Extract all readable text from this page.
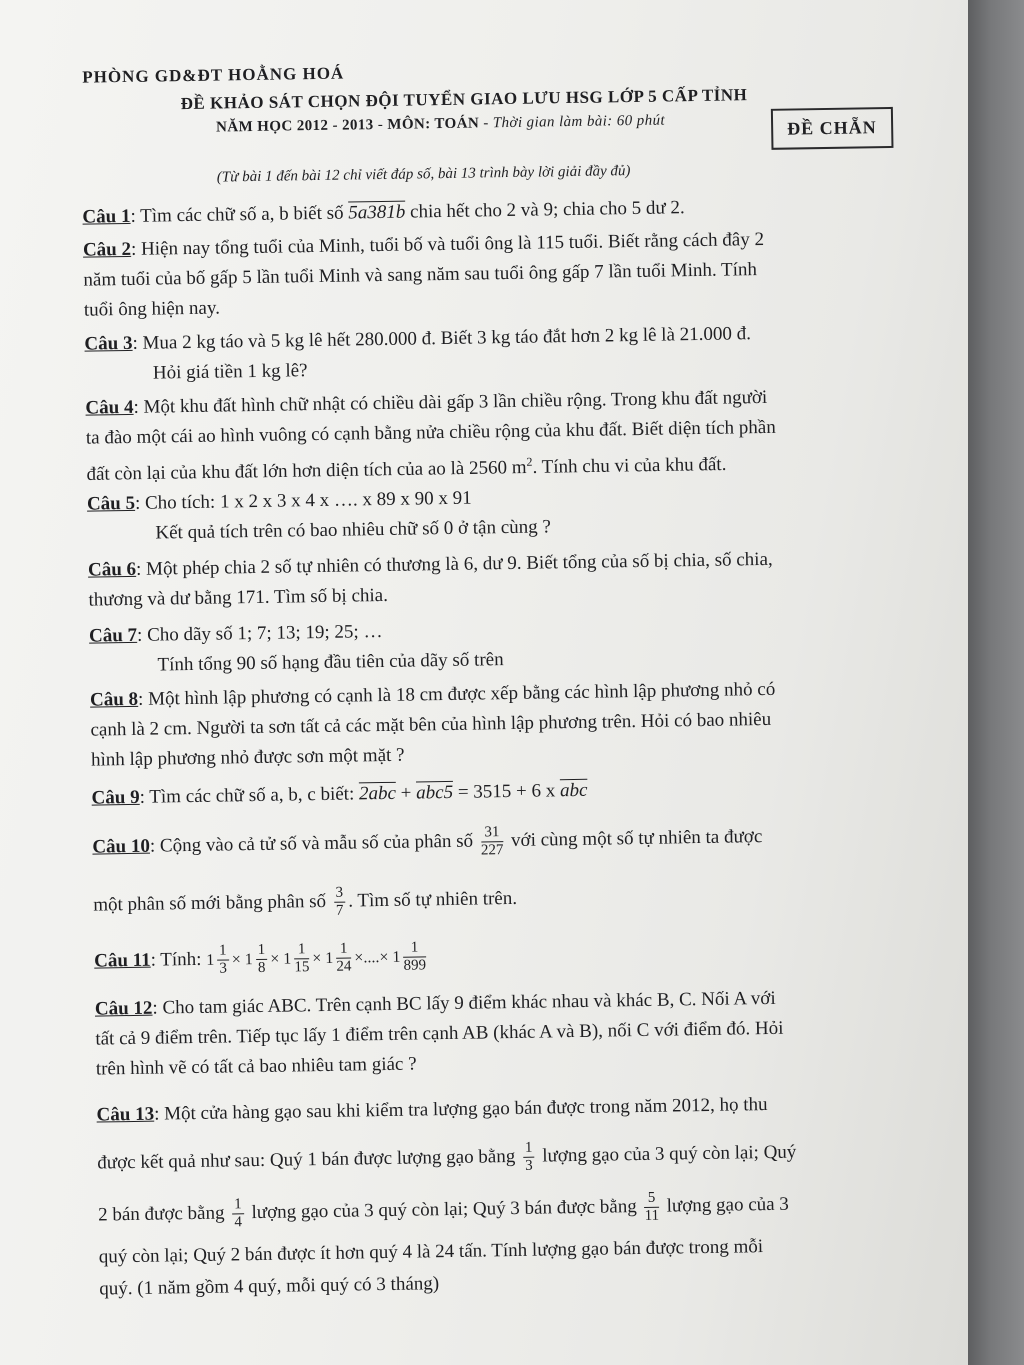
PHÒNG GD&ĐT HOẰNG HOÁ
ĐỀ KHẢO SÁT CHỌN ĐỘI TUYỂN GIAO LƯU HSG LỚP 5 CẤP TỈNH
NĂM HỌC 2012 - 2013 - MÔN: TOÁN - Thời gian làm bài: 60 phút	ĐỀ CHẴN
(Từ bài 1 đến bài 12 chỉ viết đáp số, bài 13 trình bày lời giải đầy đủ)
Câu 1: Tìm các chữ số a, b biết số 5a381b chia hết cho 2 và 9; chia cho 5 dư 2.
Câu 2: Hiện nay tổng tuổi của Minh, tuổi bố và tuổi ông là 115 tuổi. Biết rằng cách đây 2
năm tuổi của bố gấp 5 lần tuổi Minh và sang năm sau tuổi ông gấp 7 lần tuổi Minh. Tính
tuổi ông hiện nay.
Câu 3: Mua 2 kg táo và 5 kg lê hết 280.000 đ. Biết 3 kg táo đắt hơn 2 kg lê là 21.000 đ.
Hỏi giá tiền 1 kg lê?
Câu 4: Một khu đất hình chữ nhật có chiều dài gấp 3 lần chiều rộng. Trong khu đất người
ta đào một cái ao hình vuông có cạnh bằng nửa chiều rộng của khu đất. Biết diện tích phần
đất còn lại của khu đất lớn hơn diện tích của ao là 2560 $m^2$. Tính chu vi của khu đất.
Câu 5: Cho tích: 1 x 2 x 3 x 4 x …. x 89 x 90 x 91
Kết quả tích trên có bao nhiêu chữ số 0 ở tận cùng ?
Câu 6: Một phép chia 2 số tự nhiên có thương là 6, dư 9. Biết tổng của số bị chia, số chia,
thương và dư bằng 171. Tìm số bị chia.
Câu 7: Cho dãy số 1; 7; 13; 19; 25; …
Tính tổng 90 số hạng đầu tiên của dãy số trên
Câu 8: Một hình lập phương có cạnh là 18 cm được xếp bằng các hình lập phương nhỏ có
cạnh là 2 cm. Người ta sơn tất cả các mặt bên của hình lập phương trên. Hỏi có bao nhiêu
hình lập phương nhỏ được sơn một mặt ?
Câu 9: Tìm các chữ số a, b, c biết: 2abc + abc5 = 3515 + 6 x $\overline{abc}$
Câu 10: Cộng vào cả tử số và mẫu số của phân số $\frac{31}{227}$ với cùng một số tự nhiên ta được
một phân số mới bằng phân số $\frac{3}{7}$ . Tìm số tự nhiên trên.
Câu 11: Tính: $1 \frac{1}{3} \times 1 \frac{1}{8} \times 1 \frac{1}{15} \times 1 \frac{1}{24}$ ×....× $1 \frac{1}{899}$
Câu 12: Cho tam giác ABC. Trên cạnh BC lấy 9 điểm khác nhau và khác B, C. Nối A với
tất cả 9 điểm trên. Tiếp tục lấy 1 điểm trên cạnh AB (khác A và B), nối C với điểm đó. Hỏi
trên hình vẽ có tất cả bao nhiêu tam giác ?
Câu 13: Một cửa hàng gạo sau khi kiểm tra lượng gạo bán được trong năm 2012, họ thu
được kết quả như sau: Quý 1 bán được lượng gạo bằng $\frac{1}{3}$ lượng gạo của 3 quý còn lại; Quý
2 bán được bằng $\frac{1}{4}$ lượng gạo của 3 quý còn lại; Quý 3 bán được bằng $\frac{5}{11}$ lượng gạo của 3
quý còn lại; Quý 2 bán được ít hơn quý 4 là 24 tấn. Tính lượng gạo bán được trong mỗi
quý. (1 năm gồm 4 quý, mỗi quý có 3 tháng)
